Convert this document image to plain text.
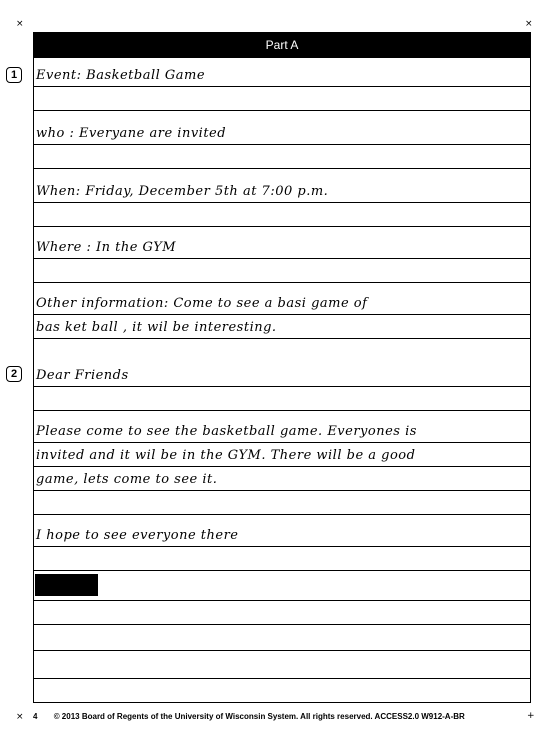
×	×
×	+
Part A
1
2
Event: Basketball Game
who : Everyane are invited
When: Friday, December 5th at 7:00 p.m.
Where : In the GYM
Other information: Come to see a basi game of
bas ket ball , it wil be interesting.
Dear Friends
Please come to see the basketball game. Everyones is
invited and it wil be in the GYM. There will be a good
game, lets come to see it.
I hope to see everyone there
4 © 2013 Board of Regents of the University of Wisconsin System. All rights reserved. ACCESS2.0 W912-A-BR
